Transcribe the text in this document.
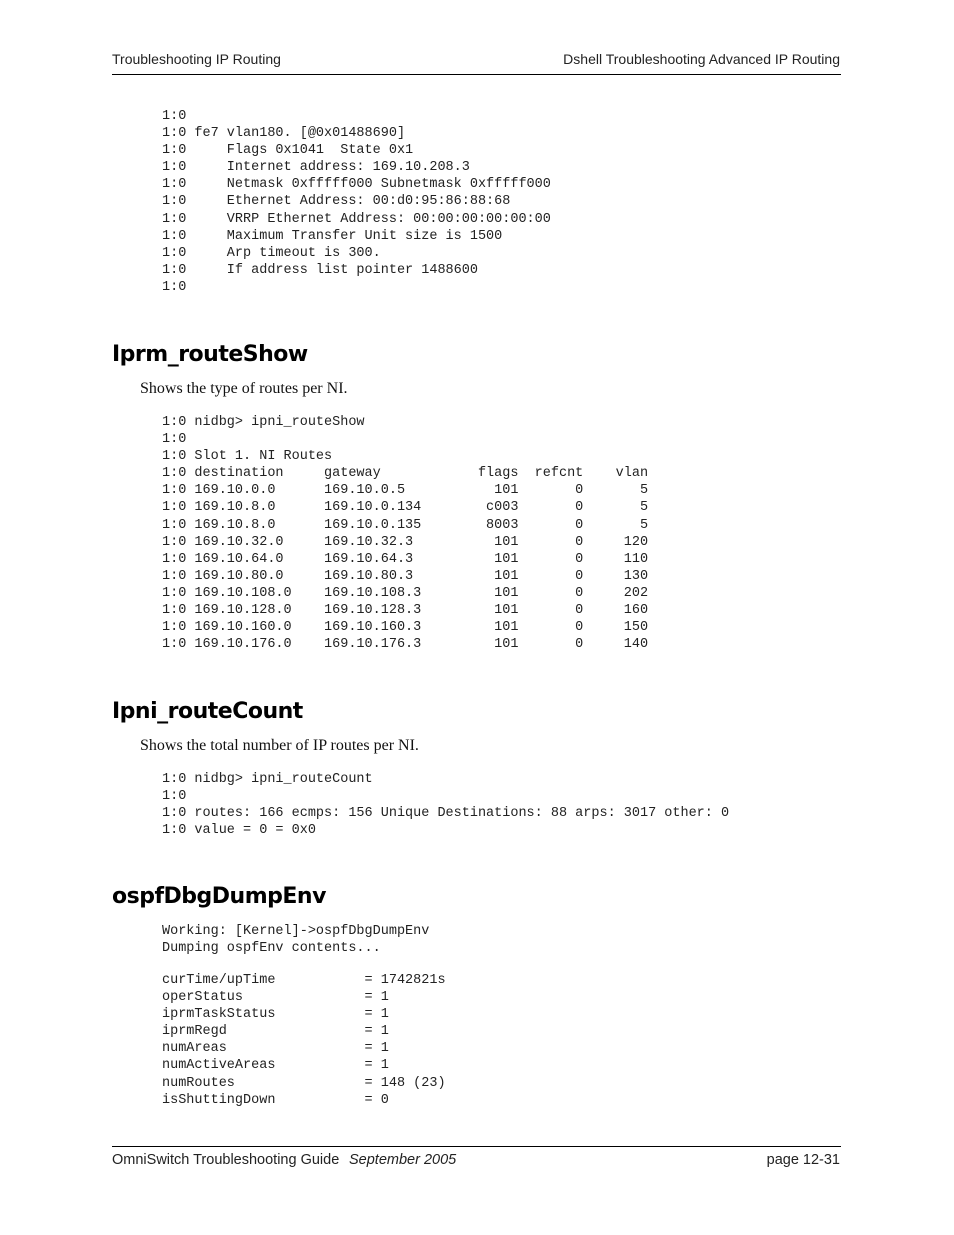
Troubleshooting IP Routing	Dshell Troubleshooting Advanced IP Routing
1:0
1:0 fe7 vlan180. [@0x01488690]
1:0     Flags 0x1041  State 0x1
1:0     Internet address: 169.10.208.3
1:0     Netmask 0xfffff000 Subnetmask 0xfffff000
1:0     Ethernet Address: 00:d0:95:86:88:68
1:0     VRRP Ethernet Address: 00:00:00:00:00:00
1:0     Maximum Transfer Unit size is 1500
1:0     Arp timeout is 300.
1:0     If address list pointer 1488600
1:0
Iprm_routeShow

Shows the type of routes per NI.

1:0 nidbg> ipni_routeShow
1:0
1:0 Slot 1. NI Routes
1:0 destination     gateway            flags  refcnt    vlan
1:0 169.10.0.0      169.10.0.5           101       0       5
1:0 169.10.8.0      169.10.0.134        c003       0       5
1:0 169.10.8.0      169.10.0.135        8003       0       5
1:0 169.10.32.0     169.10.32.3          101       0     120
1:0 169.10.64.0     169.10.64.3          101       0     110
1:0 169.10.80.0     169.10.80.3          101       0     130
1:0 169.10.108.0    169.10.108.3         101       0     202
1:0 169.10.128.0    169.10.128.3         101       0     160
1:0 169.10.160.0    169.10.160.3         101       0     150
1:0 169.10.176.0    169.10.176.3         101       0     140
Ipni_routeCount

Shows the total number of IP routes per NI.

1:0 nidbg> ipni_routeCount
1:0
1:0 routes: 166 ecmps: 156 Unique Destinations: 88 arps: 3017 other: 0
1:0 value = 0 = 0x0
ospfDbgDumpEnv
Working: [Kernel]->ospfDbgDumpEnv
Dumping ospfEnv contents...
curTime/upTime           = 1742821s
operStatus               = 1
iprmTaskStatus           = 1
iprmRegd                 = 1
numAreas                 = 1
numActiveAreas           = 1
numRoutes                = 148 (23)
isShuttingDown           = 0
OmniSwitch Troubleshooting Guide September 2005	page 12-31
